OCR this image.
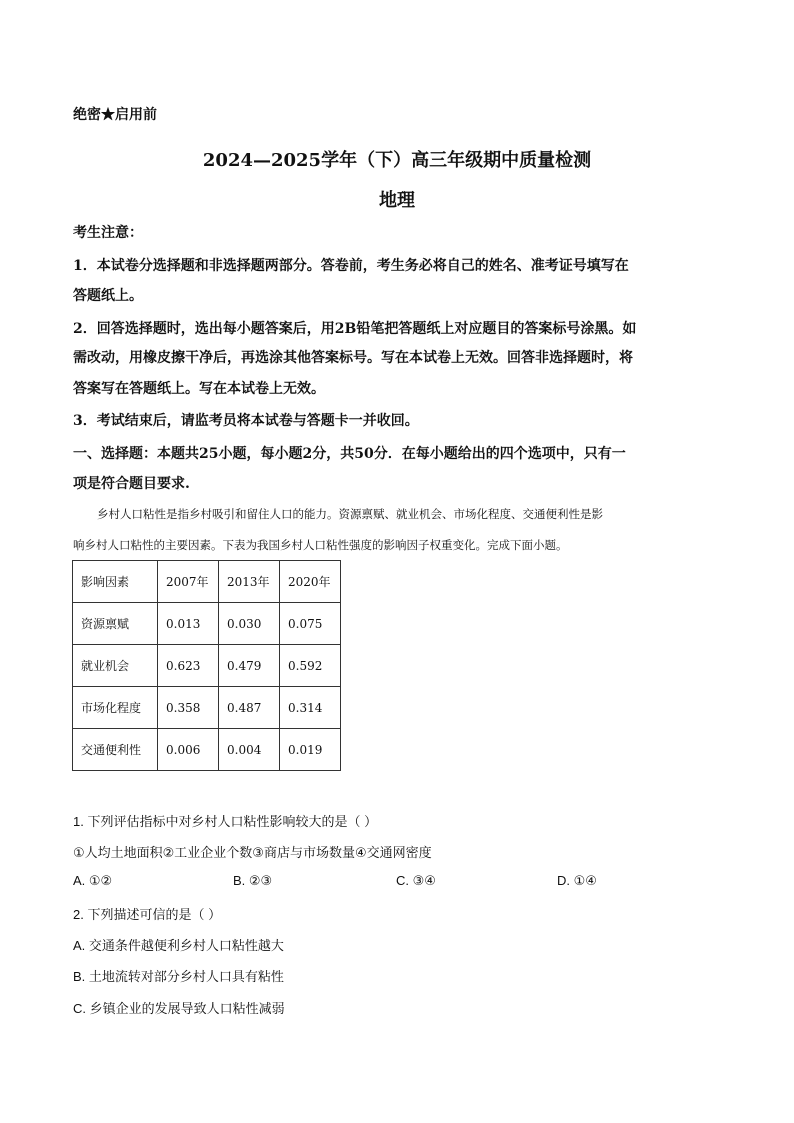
绝密★启用前
2024—2025学年（下）高三年级期中质量检测
地理
考生注意：
1．本试卷分选择题和非选择题两部分。答卷前，考生务必将自己的姓名、准考证号填写在
答题纸上。
2．回答选择题时，选出每小题答案后，用2B铅笔把答题纸上对应题目的答案标号涂黑。如
需改动，用橡皮擦干净后，再选涂其他答案标号。写在本试卷上无效。回答非选择题时，将
答案写在答题纸上。写在本试卷上无效。
3．考试结束后，请监考员将本试卷与答题卡一并收回。
一、选择题：本题共25小题，每小题2分，共50分．在每小题给出的四个选项中，只有一
项是符合题目要求.
乡村人口粘性是指乡村吸引和留住人口的能力。资源禀赋、就业机会、市场化程度、交通便利性是影
响乡村人口粘性的主要因素。下表为我国乡村人口粘性强度的影响因子权重变化。完成下面小题。
影响因素	2007年	2013年	2020年
资源禀赋	0.013	0.030	0.075
就业机会	0.623	0.479	0.592
市场化程度	0.358	0.487	0.314
交通便利性	0.006	0.004	0.019
1. 下列评估指标中对乡村人口粘性影响较大的是（ ）
①人均土地面积②工业企业个数③商店与市场数量④交通网密度
A. ①②	B. ②③	C. ③④	D. ①④
2. 下列描述可信的是（ ）
A. 交通条件越便利乡村人口粘性越大
B. 土地流转对部分乡村人口具有粘性
C. 乡镇企业的发展导致人口粘性减弱
